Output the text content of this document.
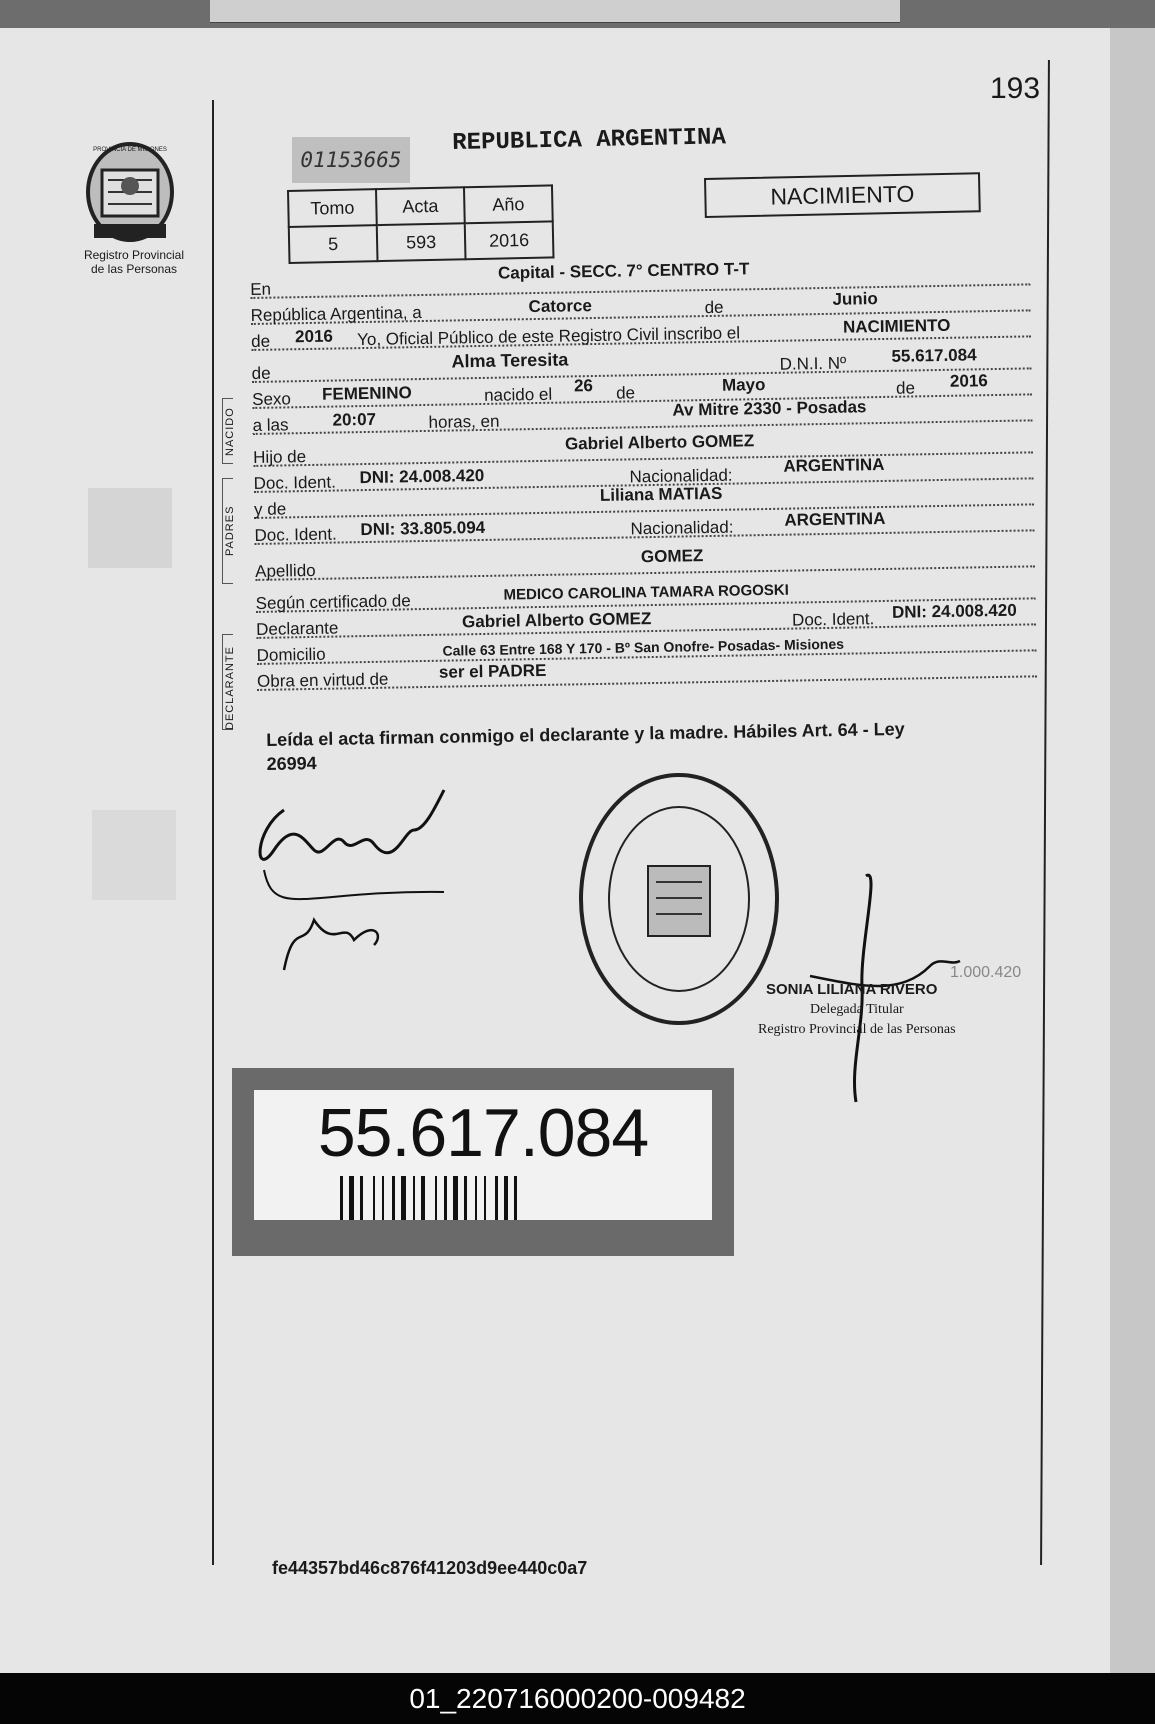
193
Registro Provincial
de las Personas
01153665
REPUBLICA ARGENTINA
Tomo	Acta	Año
5	593	2016
NACIMIENTO
En
Capital - SECC. 7° CENTRO T-T
República Argentina, a	Catorce	de	Junio
de 2016 Yo, Oficial Público de este Registro Civil inscribo el	NACIMIENTO
de
Alma Teresita	D.N.I. Nº	55.617.084
Sexo FEMENINO	nacido el 26 de	Mayo	de 2016
a las	20:07	horas, en
Av Mitre 2330 - Posadas
Hijo de
Gabriel Alberto GOMEZ
Doc. Ident. DNI: 24.008.420	Nacionalidad:
ARGENTINA
y de
Liliana MATIAS
Doc. Ident. DNI: 33.805.094	Nacionalidad:	ARGENTINA
Apellido
GOMEZ
Según certificado de	MEDICO CAROLINA TAMARA ROGOSKI
Declarante	Gabriel Alberto GOMEZ	Doc. Ident. DNI: 24.008.420
Domicilio	Calle 63 Entre 168 Y 170 - Bº San Onofre- Posadas- Misiones
Obra en virtud de	ser el PADRE
NACIDO
PADRES
DECLARANTE
Leída el acta firman conmigo el declarante y la madre. Hábiles Art. 64 - Ley
26994
1.000.420
SONIA LILIANA RIVERO
Delegada Titular
Registro Provincial de las Personas
55.617.084
fe44357bd46c876f41203d9ee440c0a7
01_220716000200-009482
